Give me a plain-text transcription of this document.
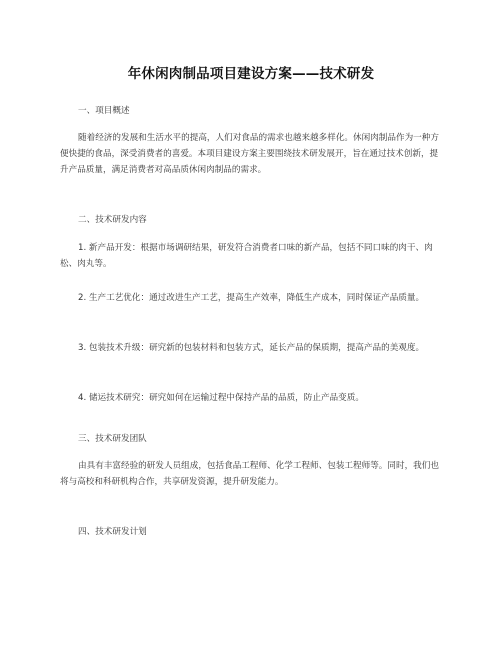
年休闲肉制品项目建设方案——技术研发
一、项目概述

随着经济的发展和生活水平的提高，人们对食品的需求也越来越多样化。休闲肉制品作为一种方便快捷的食品，深受消费者的喜爱。本项目建设方案主要围绕技术研发展开，旨在通过技术创新，提升产品质量，满足消费者对高品质休闲肉制品的需求。

二、技术研发内容

1. 新产品开发：根据市场调研结果，研发符合消费者口味的新产品，包括不同口味的肉干、肉松、肉丸等。

2. 生产工艺优化：通过改进生产工艺，提高生产效率，降低生产成本，同时保证产品质量。

3. 包装技术升级：研究新的包装材料和包装方式，延长产品的保质期，提高产品的美观度。

4. 储运技术研究：研究如何在运输过程中保持产品的品质，防止产品变质。

三、技术研发团队

由具有丰富经验的研发人员组成，包括食品工程师、化学工程师、包装工程师等。同时，我们也将与高校和科研机构合作，共享研发资源，提升研发能力。

四、技术研发计划
